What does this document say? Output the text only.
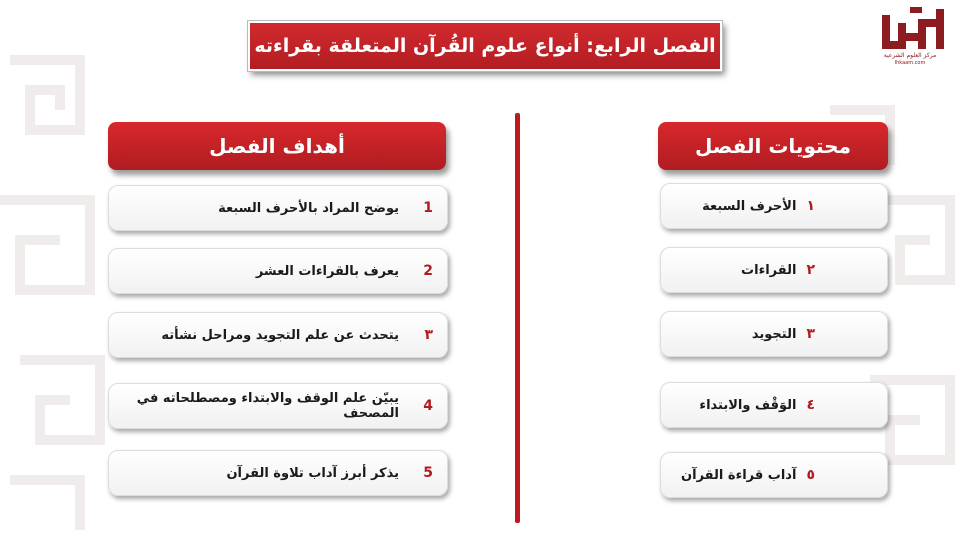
مركز العلوم الشرعية
Ihkaam.com
الفصل الرابع: أنواع علوم القُرآن المتعلقة بقراءته
أهداف الفصل
1
يوضح المراد بالأحرف السبعة
2
يعرف بالقراءات العشر
٣
يتحدث عن علم التجويد ومراحل نشأته
4
يبيّن علم الوقف والابتداء ومصطلحاته في المصحف
5
يذكر أبرز آداب تلاوة القرآن
محتويات الفصل
١
الأحرف السبعة
٢
القراءات
٣
التجويد
٤
الوَقْف والابتداء
٥
آداب قراءة القرآن
